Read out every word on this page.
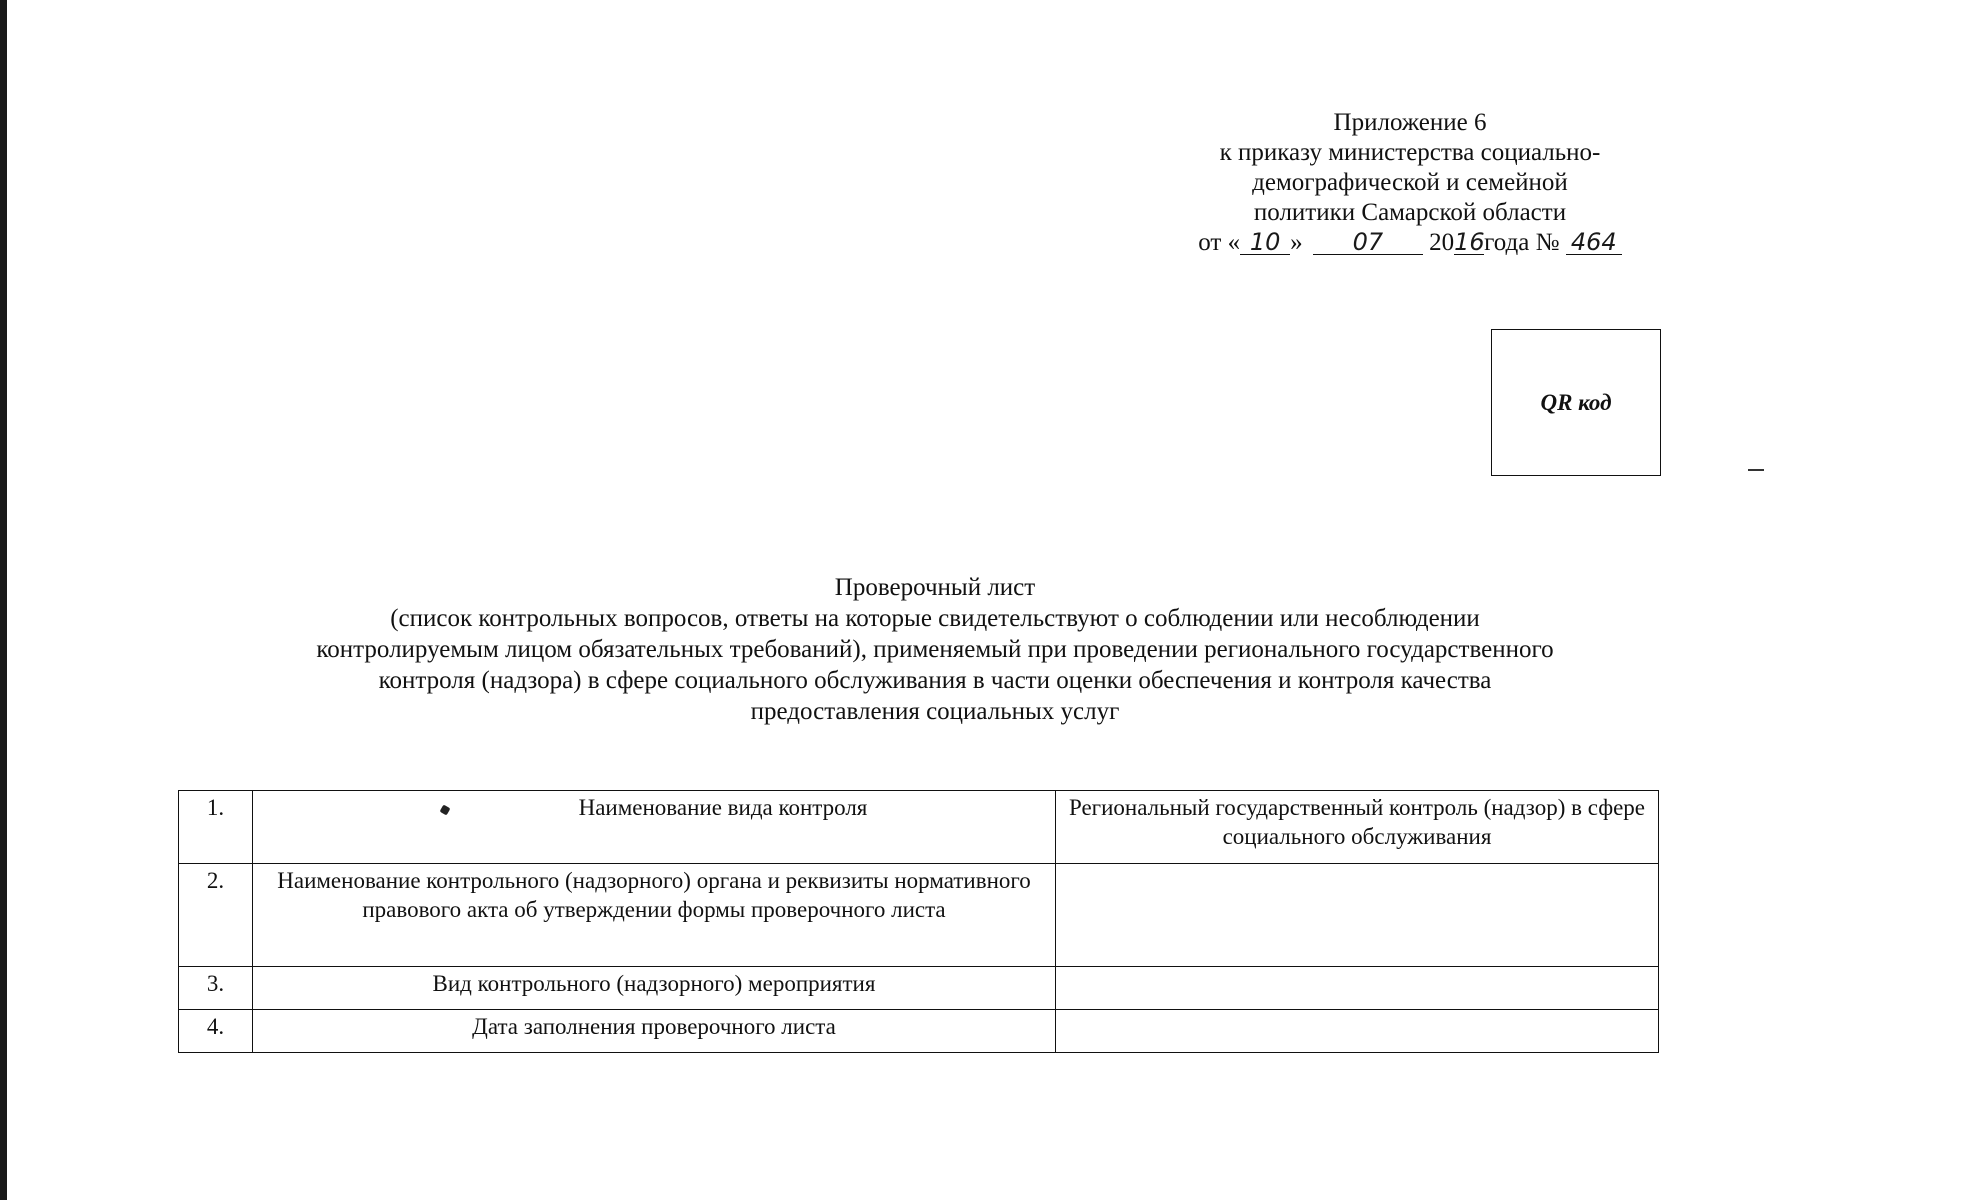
Приложение 6
к приказу министерства социально-
демографической и семейной
политики Самарской области
от « 10 » 07 2016года № 464
QR код
Проверочный лист
(список контрольных вопросов, ответы на которые свидетельствуют о соблюдении или несоблюдении
контролируемым лицом обязательных требований), применяемый при проведении регионального государственного
контроля (надзора) в сфере социального обслуживания в части оценки обеспечения и контроля качества
предоставления социальных услуг
1.	Наименование вида контроля	Региональный государственный контроль (надзор) в сфере социального обслуживания
2.	Наименование контрольного (надзорного) органа и реквизиты нормативного правового акта об утверждении формы проверочного листа	
3.	Вид контрольного (надзорного) мероприятия	
4.	Дата заполнения проверочного листа	
